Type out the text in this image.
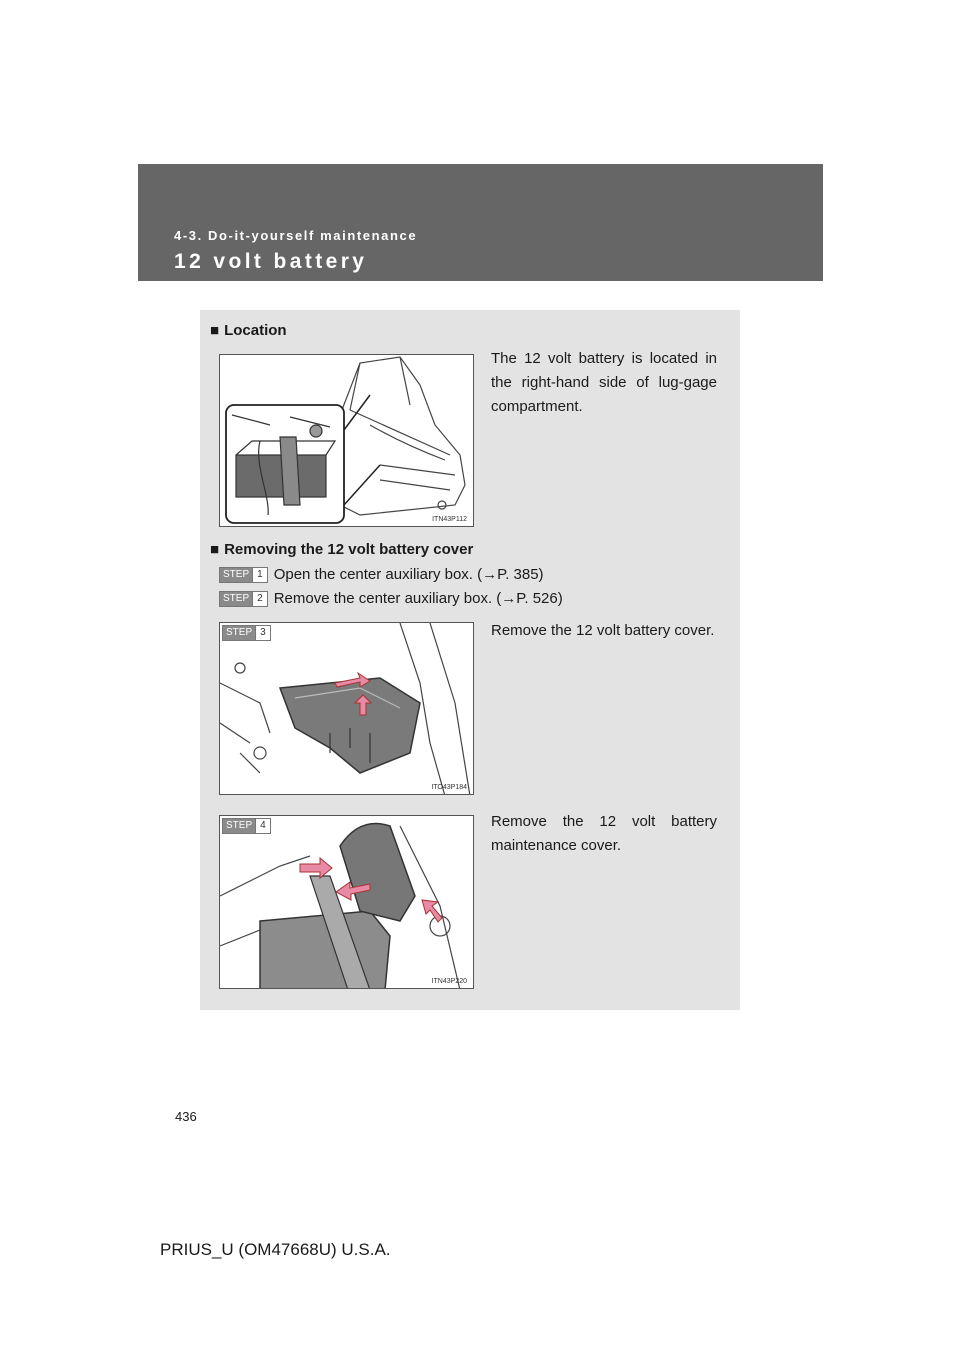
4-3. Do-it-yourself maintenance
12 volt battery
■ Location
ITN43P112
The 12 volt battery is located in the right-hand side of lug-gage compartment.
■ Removing the 12 volt battery cover
STEP 1 Open the center auxiliary box. (→P. 385)
STEP 2 Remove the center auxiliary box. (→P. 526)
STEP 3
ITO43P184
Remove the 12 volt battery cover.
STEP 4
ITN43P220
Remove the 12 volt battery maintenance cover.
436
PRIUS_U (OM47668U) U.S.A.
